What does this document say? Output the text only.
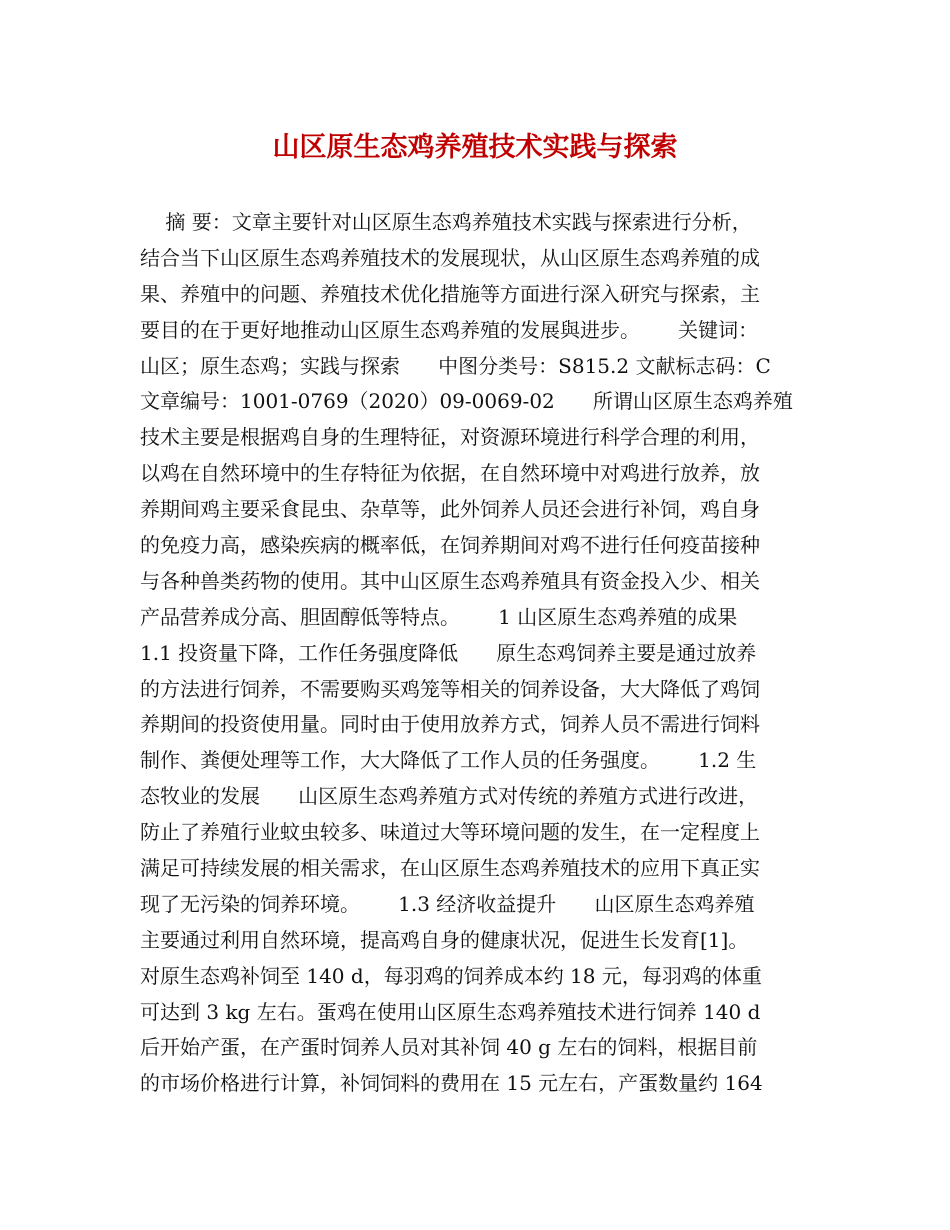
山区原生态鸡养殖技术实践与探索
摘 要：文章主要针对山区原生态鸡养殖技术实践与探索进行分析，
结合当下山区原生态鸡养殖技术的发展现状，从山区原生态鸡养殖的成
果、养殖中的问题、养殖技术优化措施等方面进行深入研究与探索，主
要目的在于更好地推动山区原生态鸡养殖的发展與进步。      关键词：
山区；原生态鸡；实践与探索      中图分类号：S815.2 文献标志码：C
文章编号：1001-0769（2020）09-0069-02      所谓山区原生态鸡养殖
技术主要是根据鸡自身的生理特征，对资源环境进行科学合理的利用，
以鸡在自然环境中的生存特征为依据，在自然环境中对鸡进行放养，放
养期间鸡主要采食昆虫、杂草等，此外饲养人员还会进行补饲，鸡自身
的免疫力高，感染疾病的概率低，在饲养期间对鸡不进行任何疫苗接种
与各种兽类药物的使用。其中山区原生态鸡养殖具有资金投入少、相关
产品营养成分高、胆固醇低等特点。      1 山区原生态鸡养殖的成果
1.1 投资量下降，工作任务强度降低      原生态鸡饲养主要是通过放养
的方法进行饲养，不需要购买鸡笼等相关的饲养设备，大大降低了鸡饲
养期间的投资使用量。同时由于使用放养方式，饲养人员不需进行饲料
制作、粪便处理等工作，大大降低了工作人员的任务强度。      1.2 生
态牧业的发展      山区原生态鸡养殖方式对传统的养殖方式进行改进，
防止了养殖行业蚊虫较多、味道过大等环境问题的发生，在一定程度上
满足可持续发展的相关需求，在山区原生态鸡养殖技术的应用下真正实
现了无污染的饲养环境。      1.3 经济收益提升      山区原生态鸡养殖
主要通过利用自然环境，提高鸡自身的健康状况，促进生长发育[1]。
对原生态鸡补饲至 140 d，每羽鸡的饲养成本约 18 元，每羽鸡的体重
可达到 3 kg 左右。蛋鸡在使用山区原生态鸡养殖技术进行饲养 140 d
后开始产蛋，在产蛋时饲养人员对其补饲 40 g 左右的饲料，根据目前
的市场价格进行计算，补饲饲料的费用在 15 元左右，产蛋数量约 164
